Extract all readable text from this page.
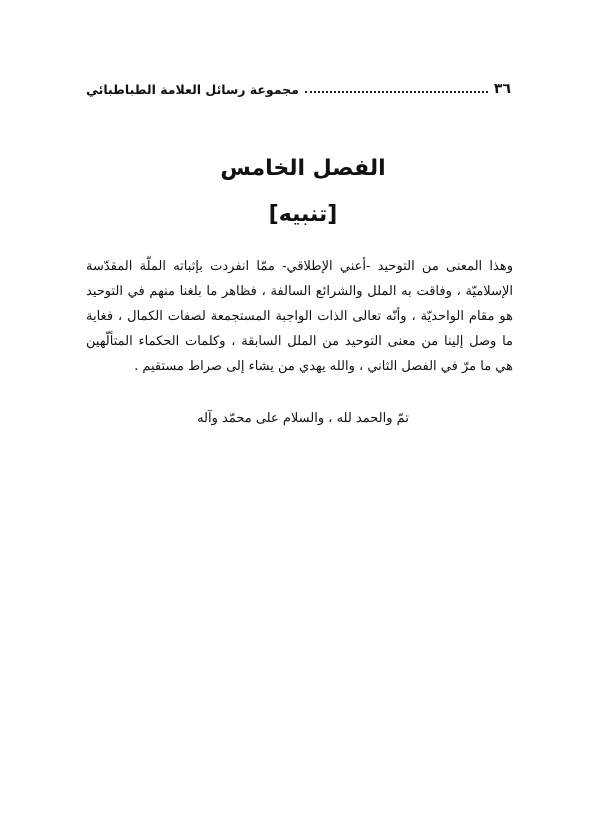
٣٦
مجموعة رسائل العلامة الطباطبائي
الفصل الخامس
[تنبيه]

وهذا المعنى من التوحيد -أعني الإطلاقي- ممّا انفردت بإثباته الملّة المقدّسة الإسلاميّة ، وفاقت به الملل والشرائع السالفة ، فظاهر ما بلغنا منهم في التوحيد هو مقام الواحديّة ، وأنّه تعالى الذات الواجبة المستجمعة لصفات الكمال ، فغاية ما وصل إلينا من معنى التوحيد من الملل السابقة ، وكلمات الحكماء المتألّهين هي ما مرّ في الفصل الثاني ، والله يهدي من يشاء إلى صراط مستقيم .

تمّ والحمد لله ، والسلام على محمّد وآله
